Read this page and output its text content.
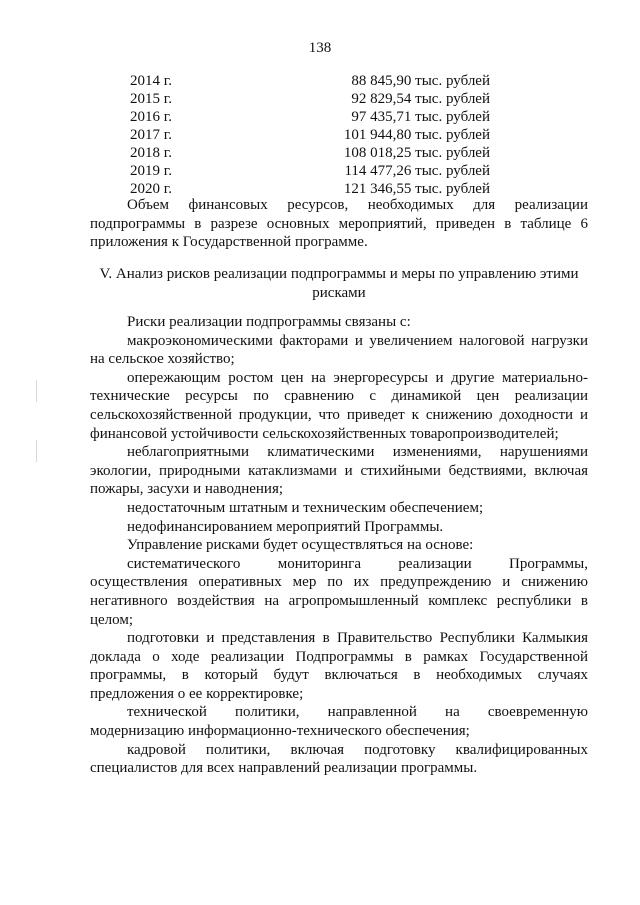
138
2014 г.	88 845,90 тыс. рублей
2015 г.	92 829,54 тыс. рублей
2016 г.	97 435,71 тыс. рублей
2017 г.	101 944,80 тыс. рублей
2018 г.	108 018,25 тыс. рублей
2019 г.	114 477,26 тыс. рублей
2020 г.	121 346,55 тыс. рублей

Объем финансовых ресурсов, необходимых для реализации подпрограммы в разрезе основных мероприятий, приведен в таблице 6 приложения к Государственной программе.

V. Анализ рисков реализации подпрограммы и меры по управлению этими
рисками

Риски реализации подпрограммы связаны с:

макроэкономическими факторами и увеличением налоговой нагрузки на сельское хозяйство;

опережающим ростом цен на энергоресурсы и другие материально-технические ресурсы по сравнению с динамикой цен реализации сельскохозяйственной продукции, что приведет к снижению доходности и финансовой устойчивости сельскохозяйственных товаропроизводителей;

неблагоприятными климатическими изменениями, нарушениями экологии, природными катаклизмами и стихийными бедствиями, включая пожары, засухи и наводнения;

недостаточным штатным и техническим обеспечением;

недофинансированием мероприятий Программы.

Управление рисками будет осуществляться на основе:

систематического мониторинга реализации Программы, осуществления оперативных мер по их предупреждению и снижению негативного воздействия на агропромышленный комплекс республики в целом;

подготовки и представления в Правительство Республики Калмыкия доклада о ходе реализации Подпрограммы в рамках Государственной программы, в который будут включаться в необходимых случаях предложения о ее корректировке;

технической политики, направленной на своевременную модернизацию информационно-технического обеспечения;

кадровой политики, включая подготовку квалифицированных специалистов для всех направлений реализации программы.
